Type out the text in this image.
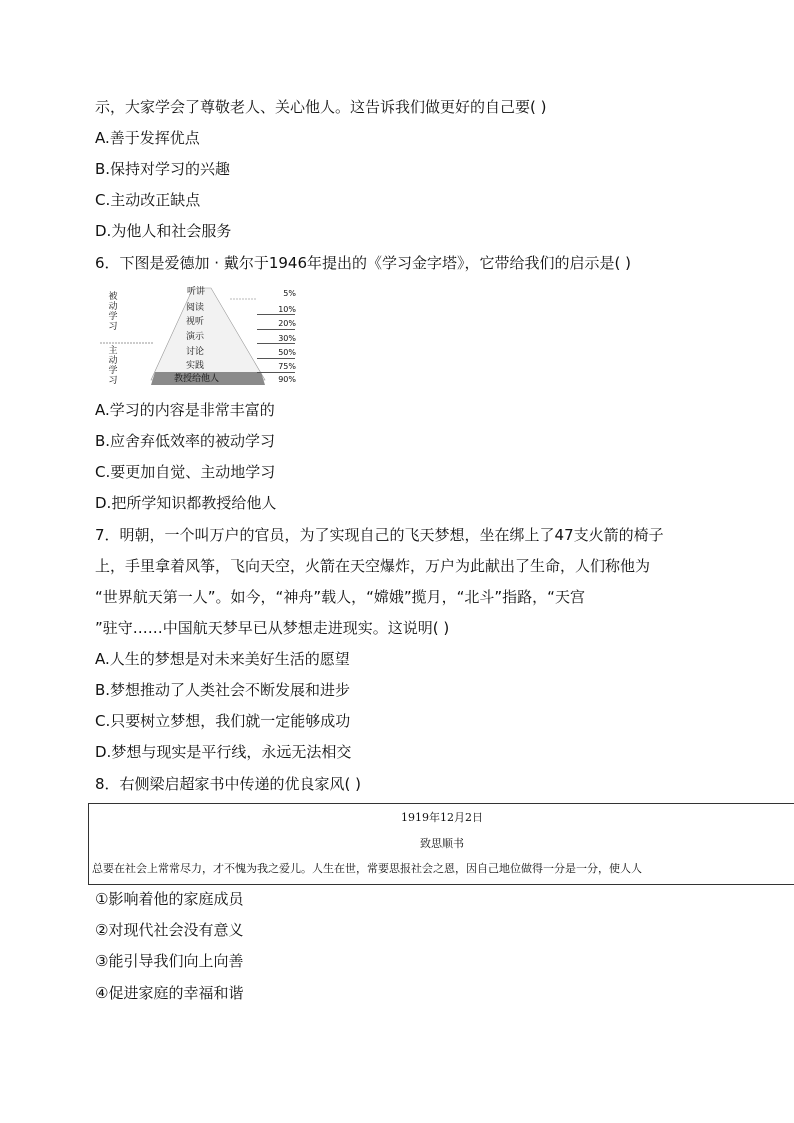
示，大家学会了尊敬老人、关心他人。这告诉我们做更好的自己要( )
A.善于发挥优点
B.保持对学习的兴趣
C.主动改正缺点
D.为他人和社会服务
6．下图是爱德加 · 戴尔于1946年提出的《学习金字塔》，它带给我们的启示是( )
被动学习
主动学习
听讲
阅读
视听
演示
讨论
实践
教授给他人
5%
10%
20%
30%
50%
75%
90%
A.学习的内容是非常丰富的
B.应舍弃低效率的被动学习
C.要更加自觉、主动地学习
D.把所学知识都教授给他人
7．明朝，一个叫万户的官员，为了实现自己的飞天梦想，坐在绑上了47支火箭的椅子
上，手里拿着风筝，飞向天空，火箭在天空爆炸，万户为此献出了生命，人们称他为
“世界航天第一人”。如今，“神舟”载人，“嫦娥”揽月，“北斗”指路，“天宫
”驻守……中国航天梦早已从梦想走进现实。这说明( )
A.人生的梦想是对未来美好生活的愿望
B.梦想推动了人类社会不断发展和进步
C.只要树立梦想，我们就一定能够成功
D.梦想与现实是平行线，永远无法相交
8．右侧梁启超家书中传递的优良家风( )
1919年12月2日
致思顺书
总要在社会上常常尽力，才不愧为我之爱儿。人生在世，常要思报社会之恩，因自己地位做得一分是一分，使人人
①影响着他的家庭成员
②对现代社会没有意义
③能引导我们向上向善
④促进家庭的幸福和谐
